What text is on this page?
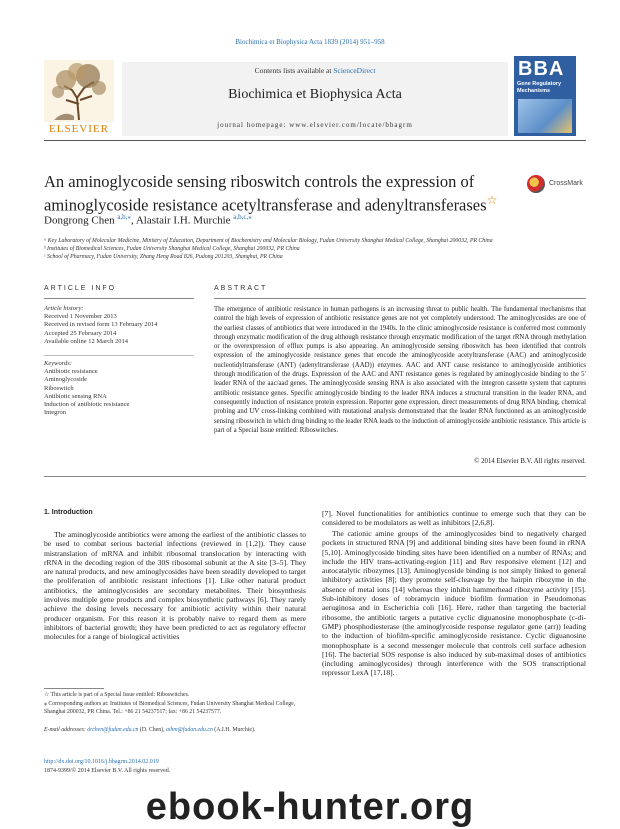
Biochimica et Biophysica Acta 1839 (2014) 951–958
ELSEVIER
Contents lists available at ScienceDirect
Biochimica et Biophysica Acta
journal homepage: www.elsevier.com/locate/bbagrm
BBA
Gene Regulatory Mechanisms
An aminoglycoside sensing riboswitch controls the expression of
aminoglycoside resistance acetyltransferase and adenyltransferases☆
CrossMark
Dongrong Chen $^{a,b,⁎}$, Alastair I.H. Murchie $^{a,b,c,⁎}$
ᵃ Key Laboratory of Molecular Medicine, Ministry of Education, Department of Biochemistry and Molecular Biology, Fudan University Shanghai Medical College, Shanghai 200032, PR China
ᵇ Institutes of Biomedical Sciences, Fudan University Shanghai Medical College, Shanghai 200032, PR China
ᶜ School of Pharmacy, Fudan University, Zhang Heng Road 826, Pudong 201203, Shanghai, PR China
ARTICLE INFO
Article history:
Received 1 November 2013
Received in revised form 13 February 2014
Accepted 25 February 2014
Available online 12 March 2014
Keywords:
Antibiotic resistance
Aminoglycoside
Riboswitch
Antibiotic sensing RNA
Induction of antibiotic resistance
Integron
ABSTRACT
The emergence of antibiotic resistance in human pathogens is an increasing threat to public health. The fundamental mechanisms that control the high levels of expression of antibiotic resistance genes are not yet completely understood. The aminoglycosides are one of the earliest classes of antibiotics that were introduced in the 1940s. In the clinic aminoglycoside resistance is conferred most commonly through enzymatic modification of the drug although resistance through enzymatic modification of the target rRNA through methylation or the overexpression of efflux pumps is also appearing. An aminoglycoside sensing riboswitch has been identified that controls expression of the aminoglycoside resistance genes that encode the aminoglycoside acetyltransferase (AAC) and aminoglycoside nucleotidyltransferase (ANT) (adenyltransferase (AAD)) enzymes. AAC and ANT cause resistance to aminoglycoside antibiotics through modification of the drugs. Expression of the AAC and ANT resistance genes is regulated by aminoglycoside binding to the 5′ leader RNA of the aac/aad genes. The aminoglycoside sensing RNA is also associated with the integron cassette system that captures antibiotic resistance genes. Specific aminoglycoside binding to the leader RNA induces a structural transition in the leader RNA, and consequently induction of resistance protein expression. Reporter gene expression, direct measurements of drug RNA binding, chemical probing and UV cross-linking combined with mutational analysis demonstrated that the leader RNA functioned as an aminoglycoside sensing riboswitch in which drug binding to the leader RNA leads to the induction of aminoglycoside antibiotic resistance. This article is part of a Special Issue entitled: Riboswitches.
© 2014 Elsevier B.V. All rights reserved.
1. Introduction
The aminoglycoside antibiotics were among the earliest of the antibiotic classes to be used to combat serious bacterial infections (reviewed in [1,2]). They cause mistranslation of mRNA and inhibit ribosomal translocation by interacting with rRNA in the decoding region of the 30S ribosomal subunit at the A site [3–5]. They are natural products, and new aminoglycosides have been steadily developed to target the proliferation of antibiotic resistant infections [1]. Like other natural product antibiotics, the aminoglycosides are secondary metabolites. Their biosynthesis involves multiple gene products and complex biosynthetic pathways [6]. They rarely achieve the dosing levels necessary for antibiotic activity within their natural producer organism. For this reason it is probably naive to regard them as mere inhibitors of bacterial growth; they have been predicted to act as regulatory effector molecules for a range of biological activities
[7]. Novel functionalities for antibiotics continue to emerge such that they can be considered to be modulators as well as inhibitors [2,6,8].
The cationic amine groups of the aminoglycosides bind to negatively charged pockets in structured RNA [9] and additional binding sites have been found in rRNA [5,10]. Aminoglycoside binding sites have been identified on a number of RNAs; and include the HIV trans-activating-region [11] and Rev responsive element [12] and autocatalytic ribozymes [13]. Aminoglycoside binding is not simply linked to general inhibitory activities [8]; they promote self-cleavage by the hairpin ribozyme in the absence of metal ions [14] whereas they inhibit hammerhead ribozyme activity [15]. Sub-inhibitory doses of tobramycin induce biofilm formation in Pseudomonas aeruginosa and in Escherichia coli [16]. Here, rather than targeting the bacterial ribosome, the antibiotic targets a putative cyclic diguanosine monophosphate (c-di-GMP) phosphodiesterase (the aminoglycoside response regulator gene (arr)) leading to the induction of biofilm-specific aminoglycoside resistance. Cyclic diguanosine monophosphate is a second messenger molecule that controls cell surface adhesion [16]. The bacterial SOS response is also induced by sub-maximal doses of antibiotics (including aminoglycosides) through interference with the SOS transcriptional repressor LexA [17,18].
☆ This article is part of a Special Issue entitled: Riboswitches.
⁎ Corresponding authors at: Institutes of Biomedical Sciences, Fudan University Shanghai Medical College, Shanghai 200032, PR China. Tel.: +86 21 54237517; fax: +86 21 54237577.
E-mail addresses: drchen@fudan.edu.cn (D. Chen), aihm@fudan.edu.cn (A.I.H. Murchie).
http://dx.doi.org/10.1016/j.bbagrm.2014.02.019
1874-9399/© 2014 Elsevier B.V. All rights reserved.
ebook-hunter.org
